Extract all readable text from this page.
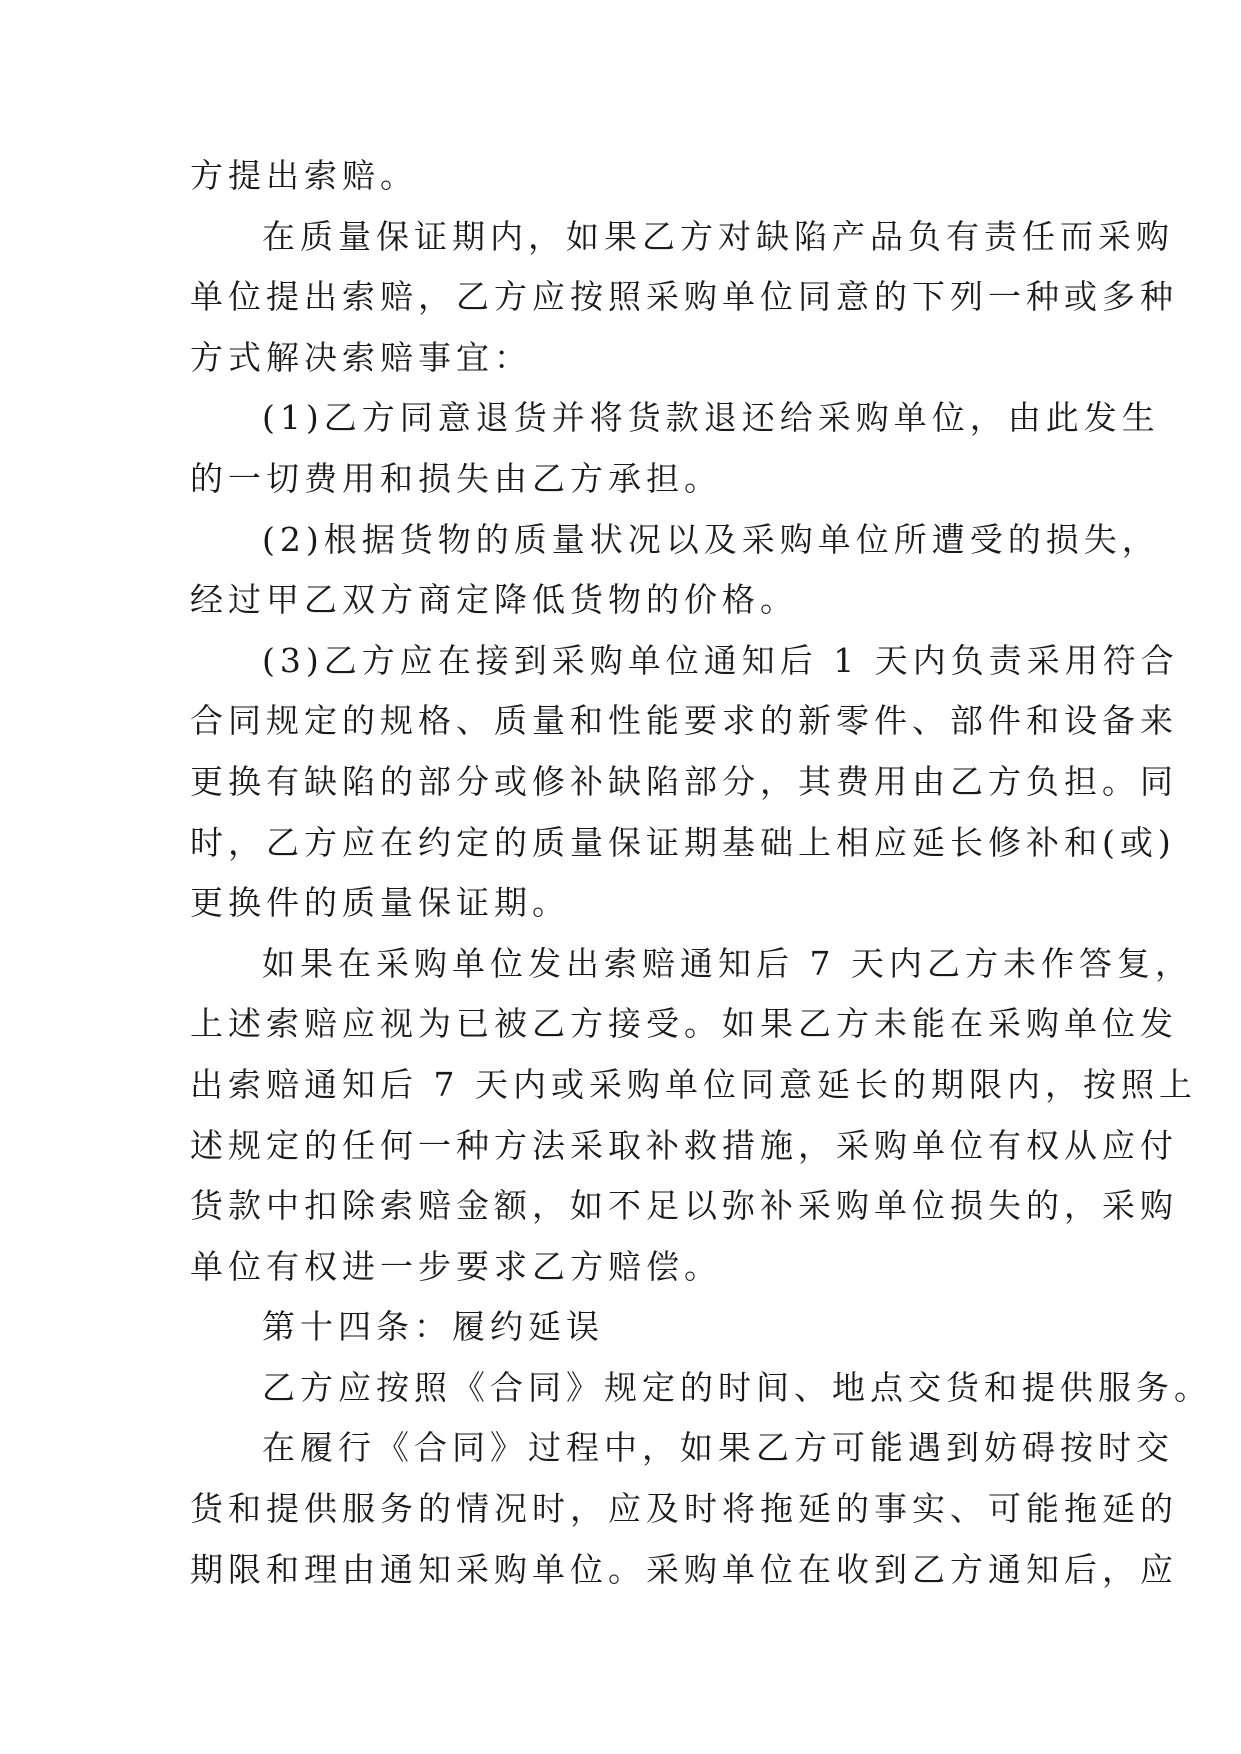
方提出索赔。
在质量保证期内，如果乙方对缺陷产品负有责任而采购
单位提出索赔，乙方应按照采购单位同意的下列一种或多种
方式解决索赔事宜：
(1)乙方同意退货并将货款退还给采购单位，由此发生
的一切费用和损失由乙方承担。
(2)根据货物的质量状况以及采购单位所遭受的损失，
经过甲乙双方商定降低货物的价格。
(3)乙方应在接到采购单位通知后 1 天内负责采用符合
合同规定的规格、质量和性能要求的新零件、部件和设备来
更换有缺陷的部分或修补缺陷部分，其费用由乙方负担。同
时，乙方应在约定的质量保证期基础上相应延长修补和(或)
更换件的质量保证期。
如果在采购单位发出索赔通知后 7 天内乙方未作答复，
上述索赔应视为已被乙方接受。如果乙方未能在采购单位发
出索赔通知后 7 天内或采购单位同意延长的期限内，按照上
述规定的任何一种方法采取补救措施，采购单位有权从应付
货款中扣除索赔金额，如不足以弥补采购单位损失的，采购
单位有权进一步要求乙方赔偿。
第十四条：履约延误
乙方应按照《合同》规定的时间、地点交货和提供服务。
在履行《合同》过程中，如果乙方可能遇到妨碍按时交
货和提供服务的情况时，应及时将拖延的事实、可能拖延的
期限和理由通知采购单位。采购单位在收到乙方通知后，应
